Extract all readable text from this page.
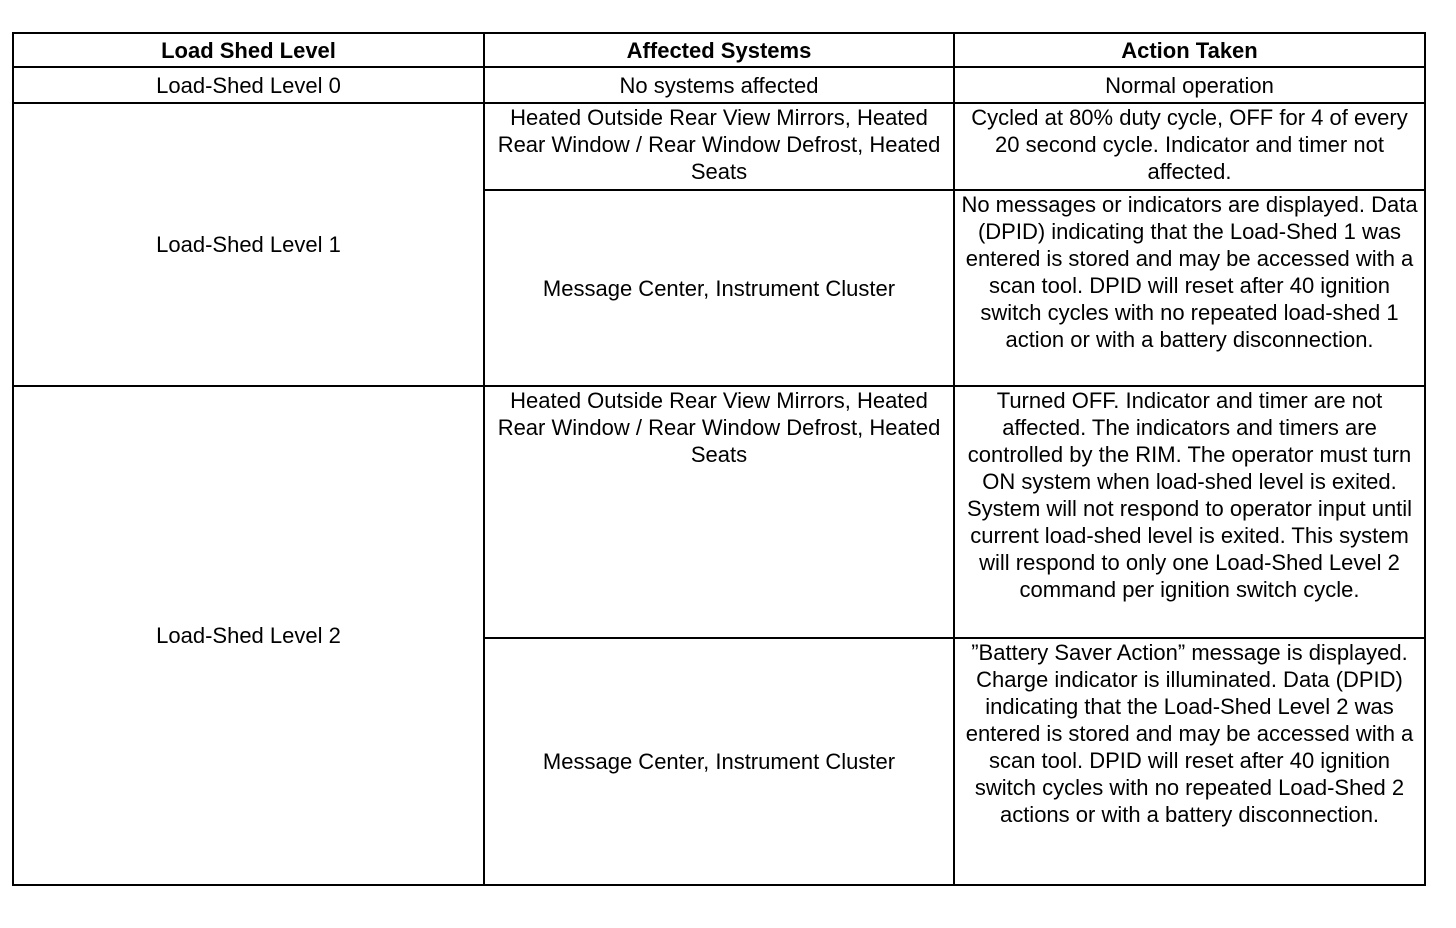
Load Shed Level	Affected Systems	Action Taken
Load-Shed Level 0	No systems affected	Normal operation
Load-Shed Level 1	Heated Outside Rear View Mirrors, Heated Rear Window / Rear Window Defrost, Heated Seats	Cycled at 80% duty cycle, OFF for 4 of every 20 second cycle. Indicator and timer not affected.
	Message Center, Instrument Cluster	No messages or indicators are displayed. Data (DPID) indicating that the Load-Shed 1 was entered is stored and may be accessed with a scan tool. DPID will reset after 40 ignition switch cycles with no repeated load-shed 1 action or with a battery disconnection.
Load-Shed Level 2	Heated Outside Rear View Mirrors, Heated Rear Window / Rear Window Defrost, Heated Seats	Turned OFF. Indicator and timer are not affected. The indicators and timers are controlled by the RIM. The operator must turn ON system when load-shed level is exited. System will not respond to operator input until current load-shed level is exited. This system will respond to only one Load-Shed Level 2 command per ignition switch cycle.
	Message Center, Instrument Cluster	”Battery Saver Action” message is displayed. Charge indicator is illuminated. Data (DPID) indicating that the Load-Shed Level 2 was entered is stored and may be accessed with a scan tool. DPID will reset after 40 ignition switch cycles with no repeated Load-Shed 2 actions or with a battery disconnection.
